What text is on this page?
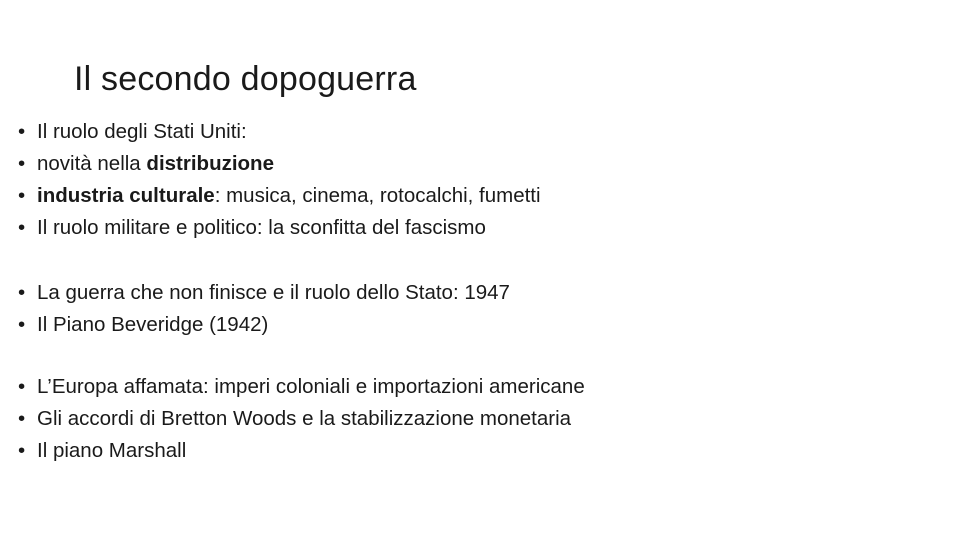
Il secondo dopoguerra
• Il ruolo degli Stati Uniti:
• novità nella distribuzione
• industria culturale: musica, cinema, rotocalchi, fumetti
• Il ruolo militare e politico: la sconfitta del fascismo
• La guerra che non finisce e il ruolo dello Stato: 1947
• Il Piano Beveridge (1942)
• L’Europa affamata: imperi coloniali e importazioni americane
• Gli accordi di Bretton Woods e la stabilizzazione monetaria
• Il piano Marshall
